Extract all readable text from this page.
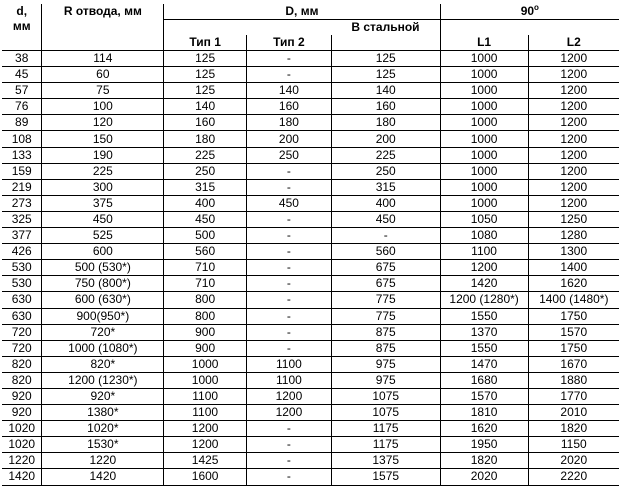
d,
мм	R отвода, мм	D, мм			90$^o$
				В стальной		
		Тип 1	Тип 2		L1	L2
38	114	125	-	125	1000	1200
45	60	125	-	125	1000	1200
57	75	125	140	140	1000	1200
76	100	140	160	160	1000	1200
89	120	160	180	180	1000	1200
108	150	180	200	200	1000	1200
133	190	225	250	225	1000	1200
159	225	250	-	250	1000	1200
219	300	315	-	315	1000	1200
273	375	400	450	400	1000	1200
325	450	450	-	450	1050	1250
377	525	500	-	-	1080	1280
426	600	560	-	560	1100	1300
530	500 (530*)	710	-	675	1200	1400
530	750 (800*)	710	-	675	1420	1620
630	600 (630*)	800	-	775	1200 (1280*)	1400 (1480*)
630	900(950*)	800	-	775	1550	1750
720	720*	900	-	875	1370	1570
720	1000 (1080*)	900	-	875	1550	1750
820	820*	1000	1100	975	1470	1670
820	1200 (1230*)	1000	1100	975	1680	1880
920	920*	1100	1200	1075	1570	1770
920	1380*	1100	1200	1075	1810	2010
1020	1020*	1200	-	1175	1620	1820
1020	1530*	1200	-	1175	1950	1150
1220	1220	1425	-	1375	1820	2020
1420	1420	1600	-	1575	2020	2220
